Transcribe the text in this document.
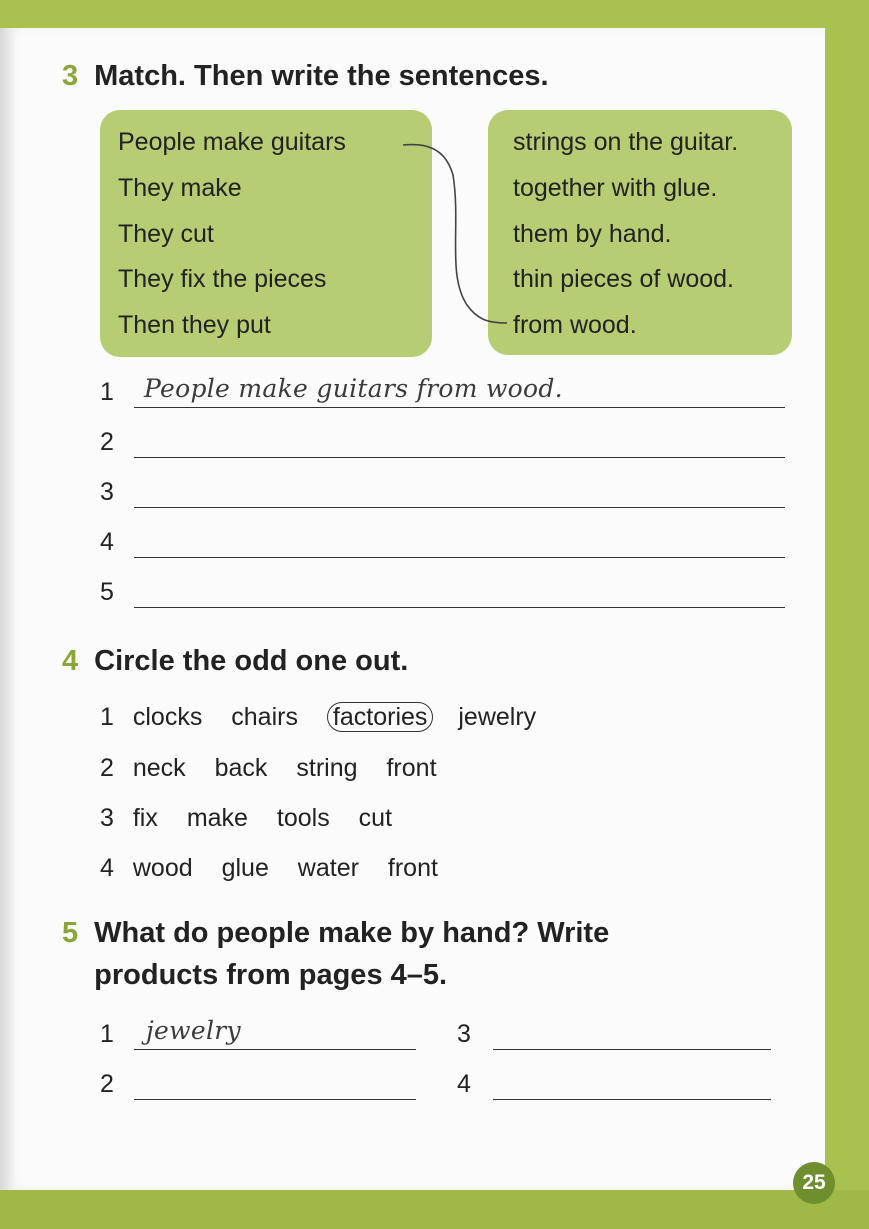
3 Match. Then write the sentences.
People make guitars
They make
They cut
They fix the pieces
Then they put
strings on the guitar.
together with glue.
them by hand.
thin pieces of wood.
from wood.
1 People make guitars from wood.
2
3
4
5
4 Circle the odd one out.
1 clocks chairs factories jewelry
2 neck back string front
3 fix make tools cut
4 wood glue water front
5 What do people make by hand? Write
products from pages 4–5.
1 jewelry
2
3
4
25
